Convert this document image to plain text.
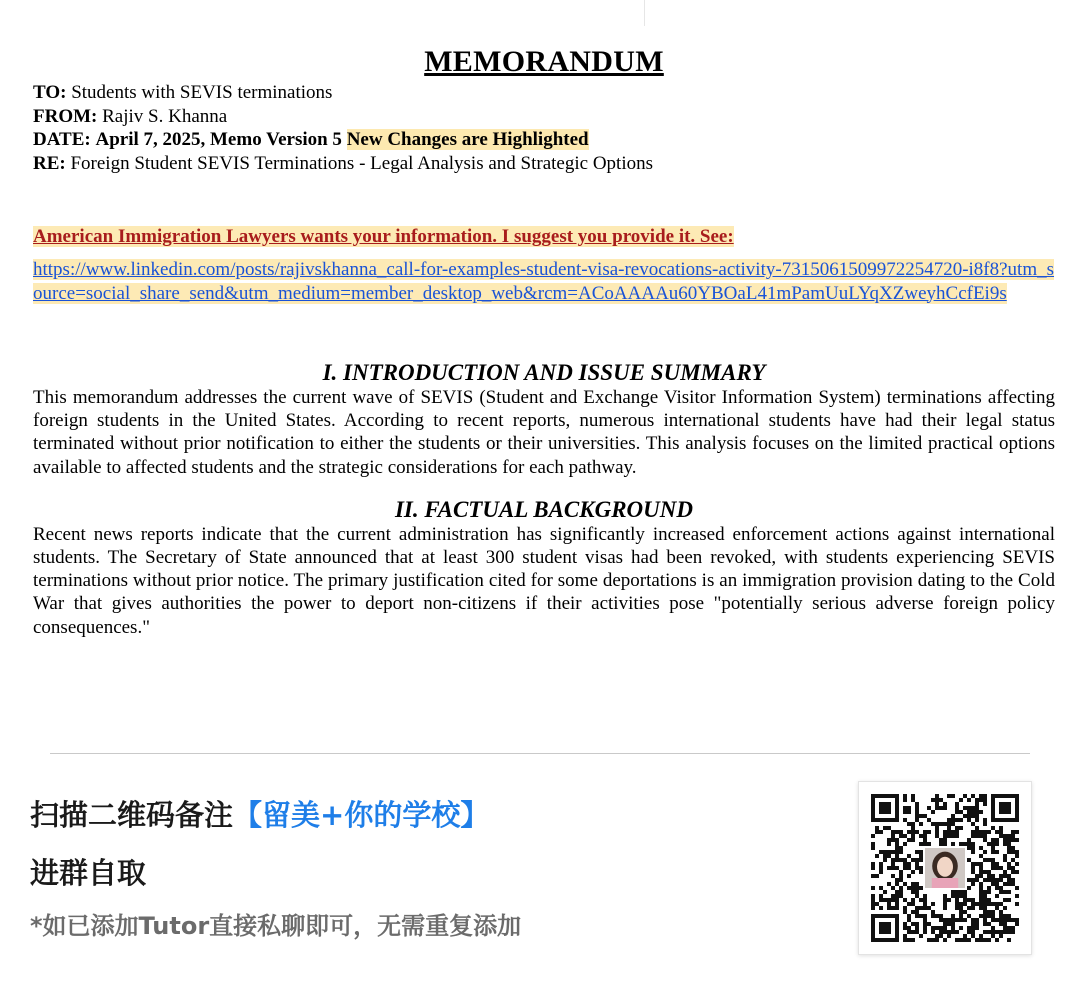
MEMORANDUM
TO: Students with SEVIS terminations
FROM: Rajiv S. Khanna
DATE: April 7, 2025, Memo Version 5 New Changes are Highlighted
RE: Foreign Student SEVIS Terminations - Legal Analysis and Strategic Options
American Immigration Lawyers wants your information. I suggest you provide it. See:
https://www.linkedin.com/posts/rajivskhanna_call-for-examples-student-visa-revocations-activity-7315061509972254720-i8f8?utm_source=social_share_send&utm_medium=member_desktop_web&rcm=ACoAAAAu60YBOaL41mPamUuLYqXZweyhCcfEi9s
I. INTRODUCTION AND ISSUE SUMMARY

This memorandum addresses the current wave of SEVIS (Student and Exchange Visitor Information System) terminations affecting foreign students in the United States. According to recent reports, numerous international students have had their legal status terminated without prior notification to either the students or their universities. This analysis focuses on the limited practical options available to affected students and the strategic considerations for each pathway.

II. FACTUAL BACKGROUND

Recent news reports indicate that the current administration has significantly increased enforcement actions against international students. The Secretary of State announced that at least 300 student visas had been revoked, with students experiencing SEVIS terminations without prior notice. The primary justification cited for some deportations is an immigration provision dating to the Cold War that gives authorities the power to deport non-citizens if their activities pose "potentially serious adverse foreign policy consequences."

扫描二维码备注【留美+你的学校】
进群自取
*如已添加Tutor直接私聊即可，无需重复添加
